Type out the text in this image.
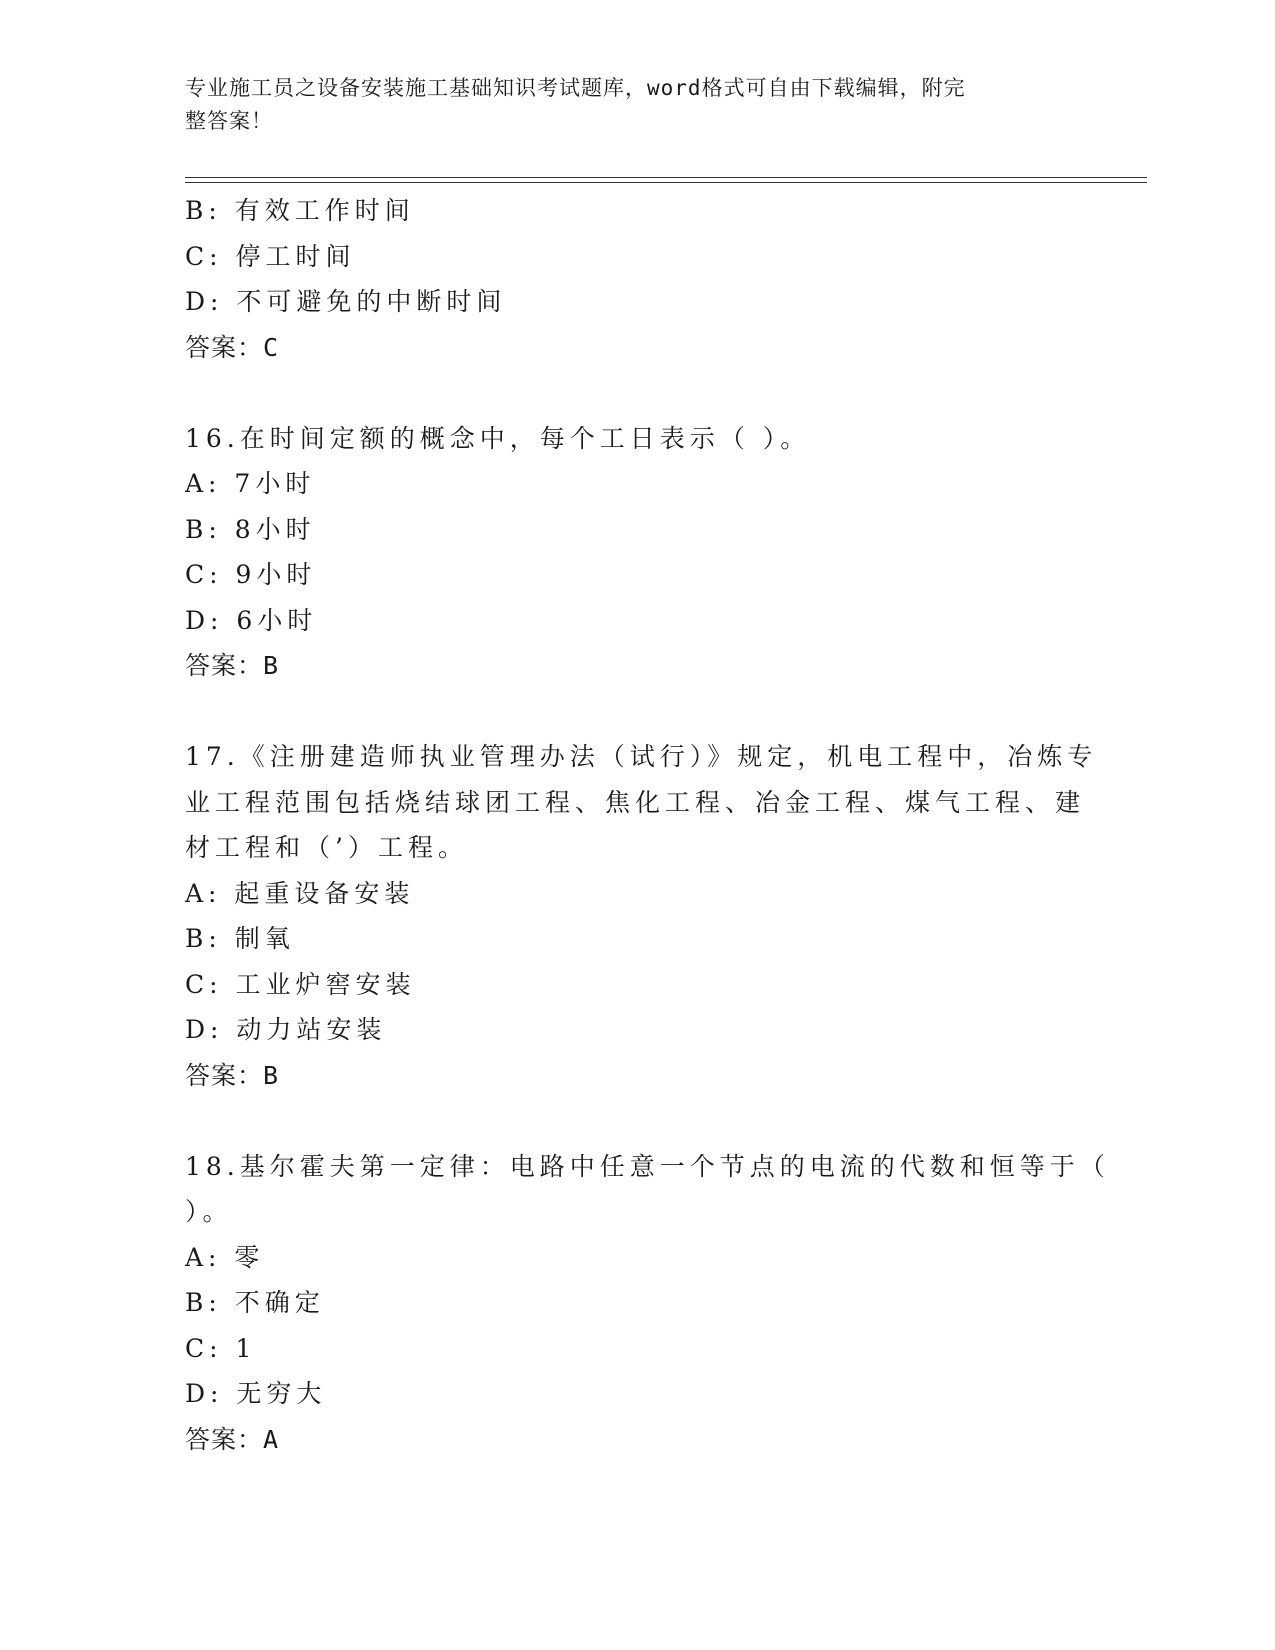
专业施工员之设备安装施工基础知识考试题库，word格式可自由下载编辑，附完
整答案！
B: 有效工作时间
C: 停工时间
D: 不可避免的中断时间
答案：C
16.在时间定额的概念中，每个工日表示（ ）。
A: 7小时
B: 8小时
C: 9小时
D: 6小时
答案：B
17.《注册建造师执业管理办法（试行）》规定，机电工程中，冶炼专
业工程范围包括烧结球团工程、焦化工程、冶金工程、煤气工程、建
材工程和（’）工程。
A: 起重设备安装
B: 制氧
C: 工业炉窖安装
D: 动力站安装
答案：B
18.基尔霍夫第一定律：电路中任意一个节点的电流的代数和恒等于（
）。
A: 零
B: 不确定
C: 1
D: 无穷大
答案：A
